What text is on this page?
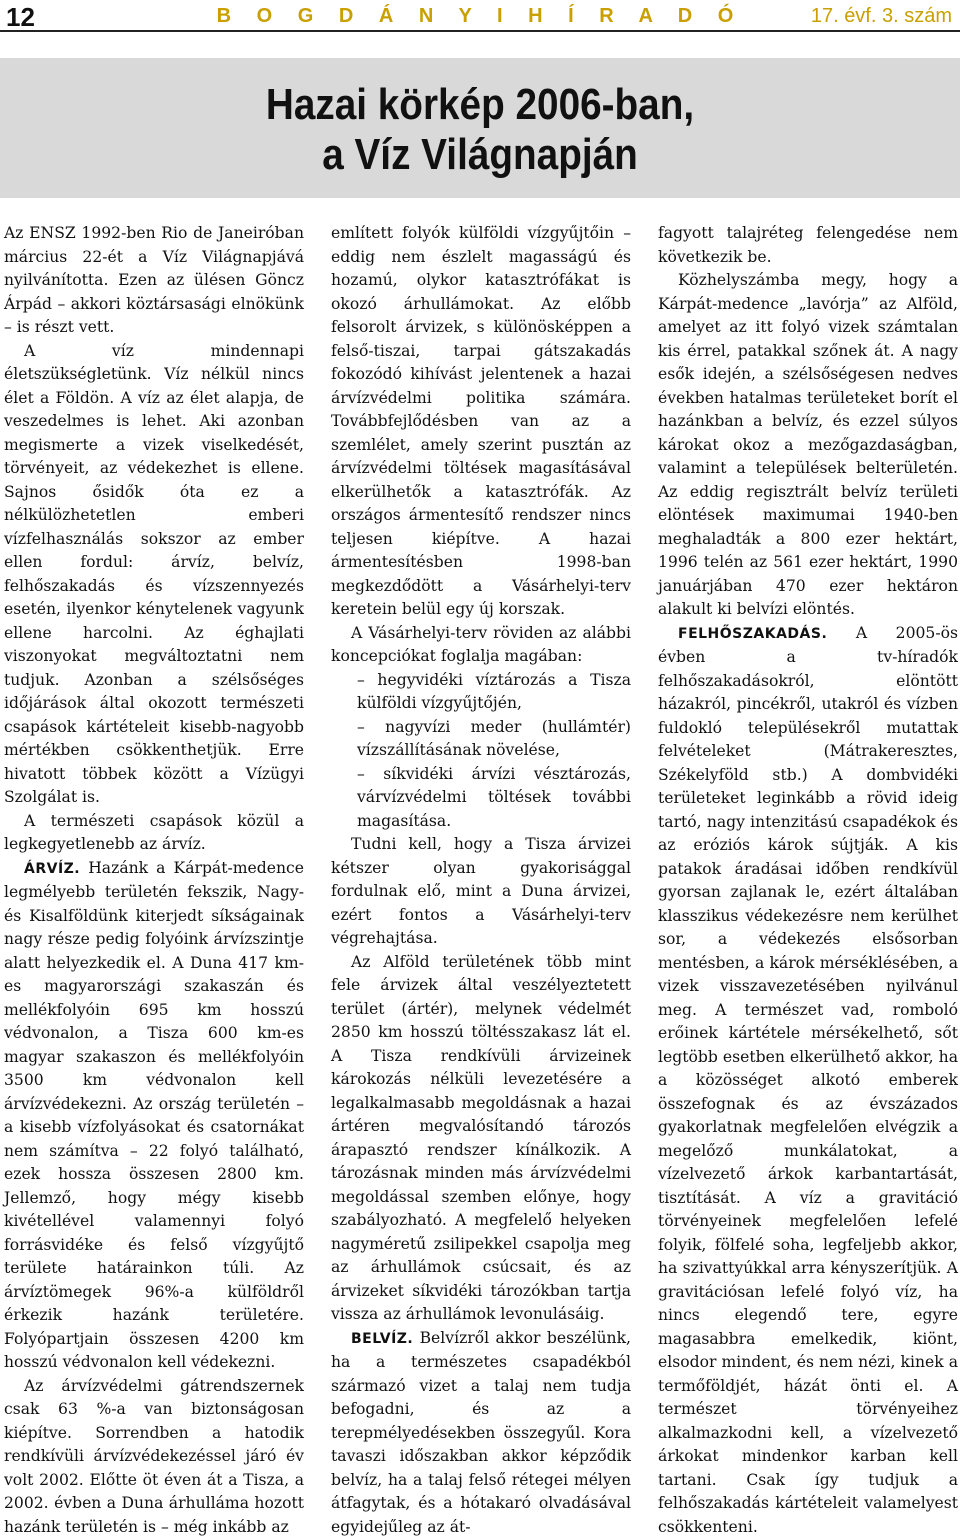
12	B O G D Á N Y I H Í R A D Ó	17. évf. 3. szám
Hazai körkép 2006-ban,
a Víz Világnapján

Az ENSZ 1992-ben Rio de Janeiróban március 22-ét a Víz Világnapjává nyilvánította. Ezen az ülésen Göncz Árpád – akkori köztársasági elnökünk – is részt vett.

A víz mindennapi életszükségletünk. Víz nélkül nincs élet a Földön. A víz az élet alapja, de veszedelmes is lehet. Aki azonban megismerte a vizek viselkedését, törvényeit, az védekezhet is ellene. Sajnos ősidők óta ez a nélkülözhetetlen emberi vízfelhasználás sokszor az ember ellen fordul: árvíz, belvíz, felhőszakadás és vízszennyezés esetén, ilyenkor kénytelenek vagyunk ellene harcolni. Az éghajlati viszonyokat megváltoztatni nem tudjuk. Azonban a szélsőséges időjárások által okozott természeti csapások kártételeit kisebb-nagyobb mértékben csökkenthetjük. Erre hivatott többek között a Vízügyi Szolgálat is.

A természeti csapások közül a legkegyetlenebb az árvíz.

ÁRVÍZ. Hazánk a Kárpát-medence legmélyebb területén fekszik, Nagy- és Kisalföldünk kiterjedt síkságainak nagy része pedig folyóink árvízszintje alatt helyezkedik el. A Duna 417 km-es magyarországi szakaszán és mellékfolyóin 695 km hosszú védvonalon, a Tisza 600 km-es magyar szakaszon és mellékfolyóin 3500 km védvonalon kell árvízvédekezni. Az ország területén – a kisebb vízfolyásokat és csatornákat nem számítva – 22 folyó található, ezek hossza összesen 2800 km. Jellemző, hogy mégy kisebb kivétellével valamennyi folyó forrásvidéke és felső vízgyűjtő területe határainkon túli. Az árvíztömegek 96%-a külföldről érkezik hazánk területére. Folyópartjain összesen 4200 km hosszú védvonalon kell védekezni.

Az árvízvédelmi gátrendszernek csak 63 %-a van biztonságosan kiépítve. Sorrendben a hatodik rendkívüli árvízvédekezéssel járó év volt 2002. Előtte öt éven át a Tisza, a 2002. évben a Duna árhulláma hozott hazánk területén is – még inkább az

említett folyók külföldi vízgyűjtőin – eddig nem észlelt magasságú és hozamú, olykor katasztrófákat is okozó árhullámokat. Az előbb felsorolt árvizek, s különösképpen a felső-tiszai, tarpai gátszakadás fokozódó kihívást jelentenek a hazai árvízvédelmi politika számára. Továbbfejlődésben van az a szemlélet, amely szerint pusztán az árvízvédelmi töltések magasításával elkerülhetők a katasztrófák. Az országos ármentesítő rendszer nincs teljesen kiépítve. A hazai ármentesítésben 1998-ban megkezdődött a Vásárhelyi-terv keretein belül egy új korszak.

A Vásárhelyi-terv röviden az alábbi koncepciókat foglalja magában:

– hegyvidéki víztározás a Tisza külföldi vízgyűjtőjén,

– nagyvízi meder (hullámtér) vízszállításának növelése,

– síkvidéki árvízi vésztározás, várvízvédelmi töltések további magasítása.

Tudni kell, hogy a Tisza árvizei kétszer olyan gyakorisággal fordulnak elő, mint a Duna árvizei, ezért fontos a Vásárhelyi-terv végrehajtása.

Az Alföld területének több mint fele árvizek által veszélyeztetett terület (ártér), melynek védelmét 2850 km hosszú töltésszakasz lát el. A Tisza rendkívüli árvizeinek károkozás nélküli levezetésére a legalkalmasabb megoldásnak a hazai ártéren megvalósítandó tározós árapasztó rendszer kínálkozik. A tározásnak minden más árvízvédelmi megoldással szemben előnye, hogy szabályozható. A megfelelő helyeken nagyméretű zsilipekkel csapolja meg az árhullámok csúcsait, és az árvizeket síkvidéki tározókban tartja vissza az árhullámok levonulásáig.

BELVÍZ. Belvízről akkor beszélünk, ha a természetes csapadékból származó vizet a talaj nem tudja befogadni, és az a terepmélyedésekben összegyűl. Kora tavaszi időszakban akkor képződik belvíz, ha a talaj felső rétegei mélyen átfagytak, és a hótakaró olvadásával egyidejűleg az át-

fagyott talajréteg felengedése nem következik be.

Közhelyszámba megy, hogy a Kárpát-medence „lavórja” az Alföld, amelyet az itt folyó vizek számtalan kis érrel, patakkal szőnek át. A nagy esők idején, a szélsőségesen nedves években hatalmas területeket borít el hazánkban a belvíz, és ezzel súlyos károkat okoz a mezőgazdaságban, valamint a települések belterületén. Az eddig regisztrált belvíz területi elöntések maximumai 1940-ben meghaladták a 800 ezer hektárt, 1996 telén az 561 ezer hektárt, 1990 januárjában 470 ezer hektáron alakult ki belvízi elöntés.

FELHŐSZAKADÁS. A 2005-ös évben a tv-híradók felhőszakadásokról, elöntött házakról, pincékről, utakról és vízben fuldokló településekről mutattak felvételeket (Mátrakeresztes, Székelyföld stb.) A dombvidéki területeket leginkább a rövid ideig tartó, nagy intenzitású csapadékok és az eróziós károk sújtják. A kis patakok áradásai időben rendkívül gyorsan zajlanak le, ezért általában klasszikus védekezésre nem kerülhet sor, a védekezés elsősorban mentésben, a károk mérséklésében, a vizek visszavezetésében nyilvánul meg. A természet vad, romboló erőinek kártétele mérsékelhető, sőt legtöbb esetben elkerülhető akkor, ha a közösséget alkotó emberek összefognak és az évszázados gyakorlatnak megfelelően elvégzik a megelőző munkálatokat, a vízelvezető árkok karbantartását, tisztítását. A víz a gravitáció törvényeinek megfelelően lefelé folyik, fölfelé soha, legfeljebb akkor, ha szivattyúkkal arra kényszerítjük. A gravitációsan lefelé folyó víz, ha nincs elegendő tere, egyre magasabbra emelkedik, kiönt, elsodor mindent, és nem nézi, kinek a termőföldjét, házát önti el. A természet törvényeihez alkalmazkodni kell, a vízelvezető árkokat mindenkor karban kell tartani. Csak így tudjuk a felhőszakadás kártételeit valamelyest csökkenteni.
